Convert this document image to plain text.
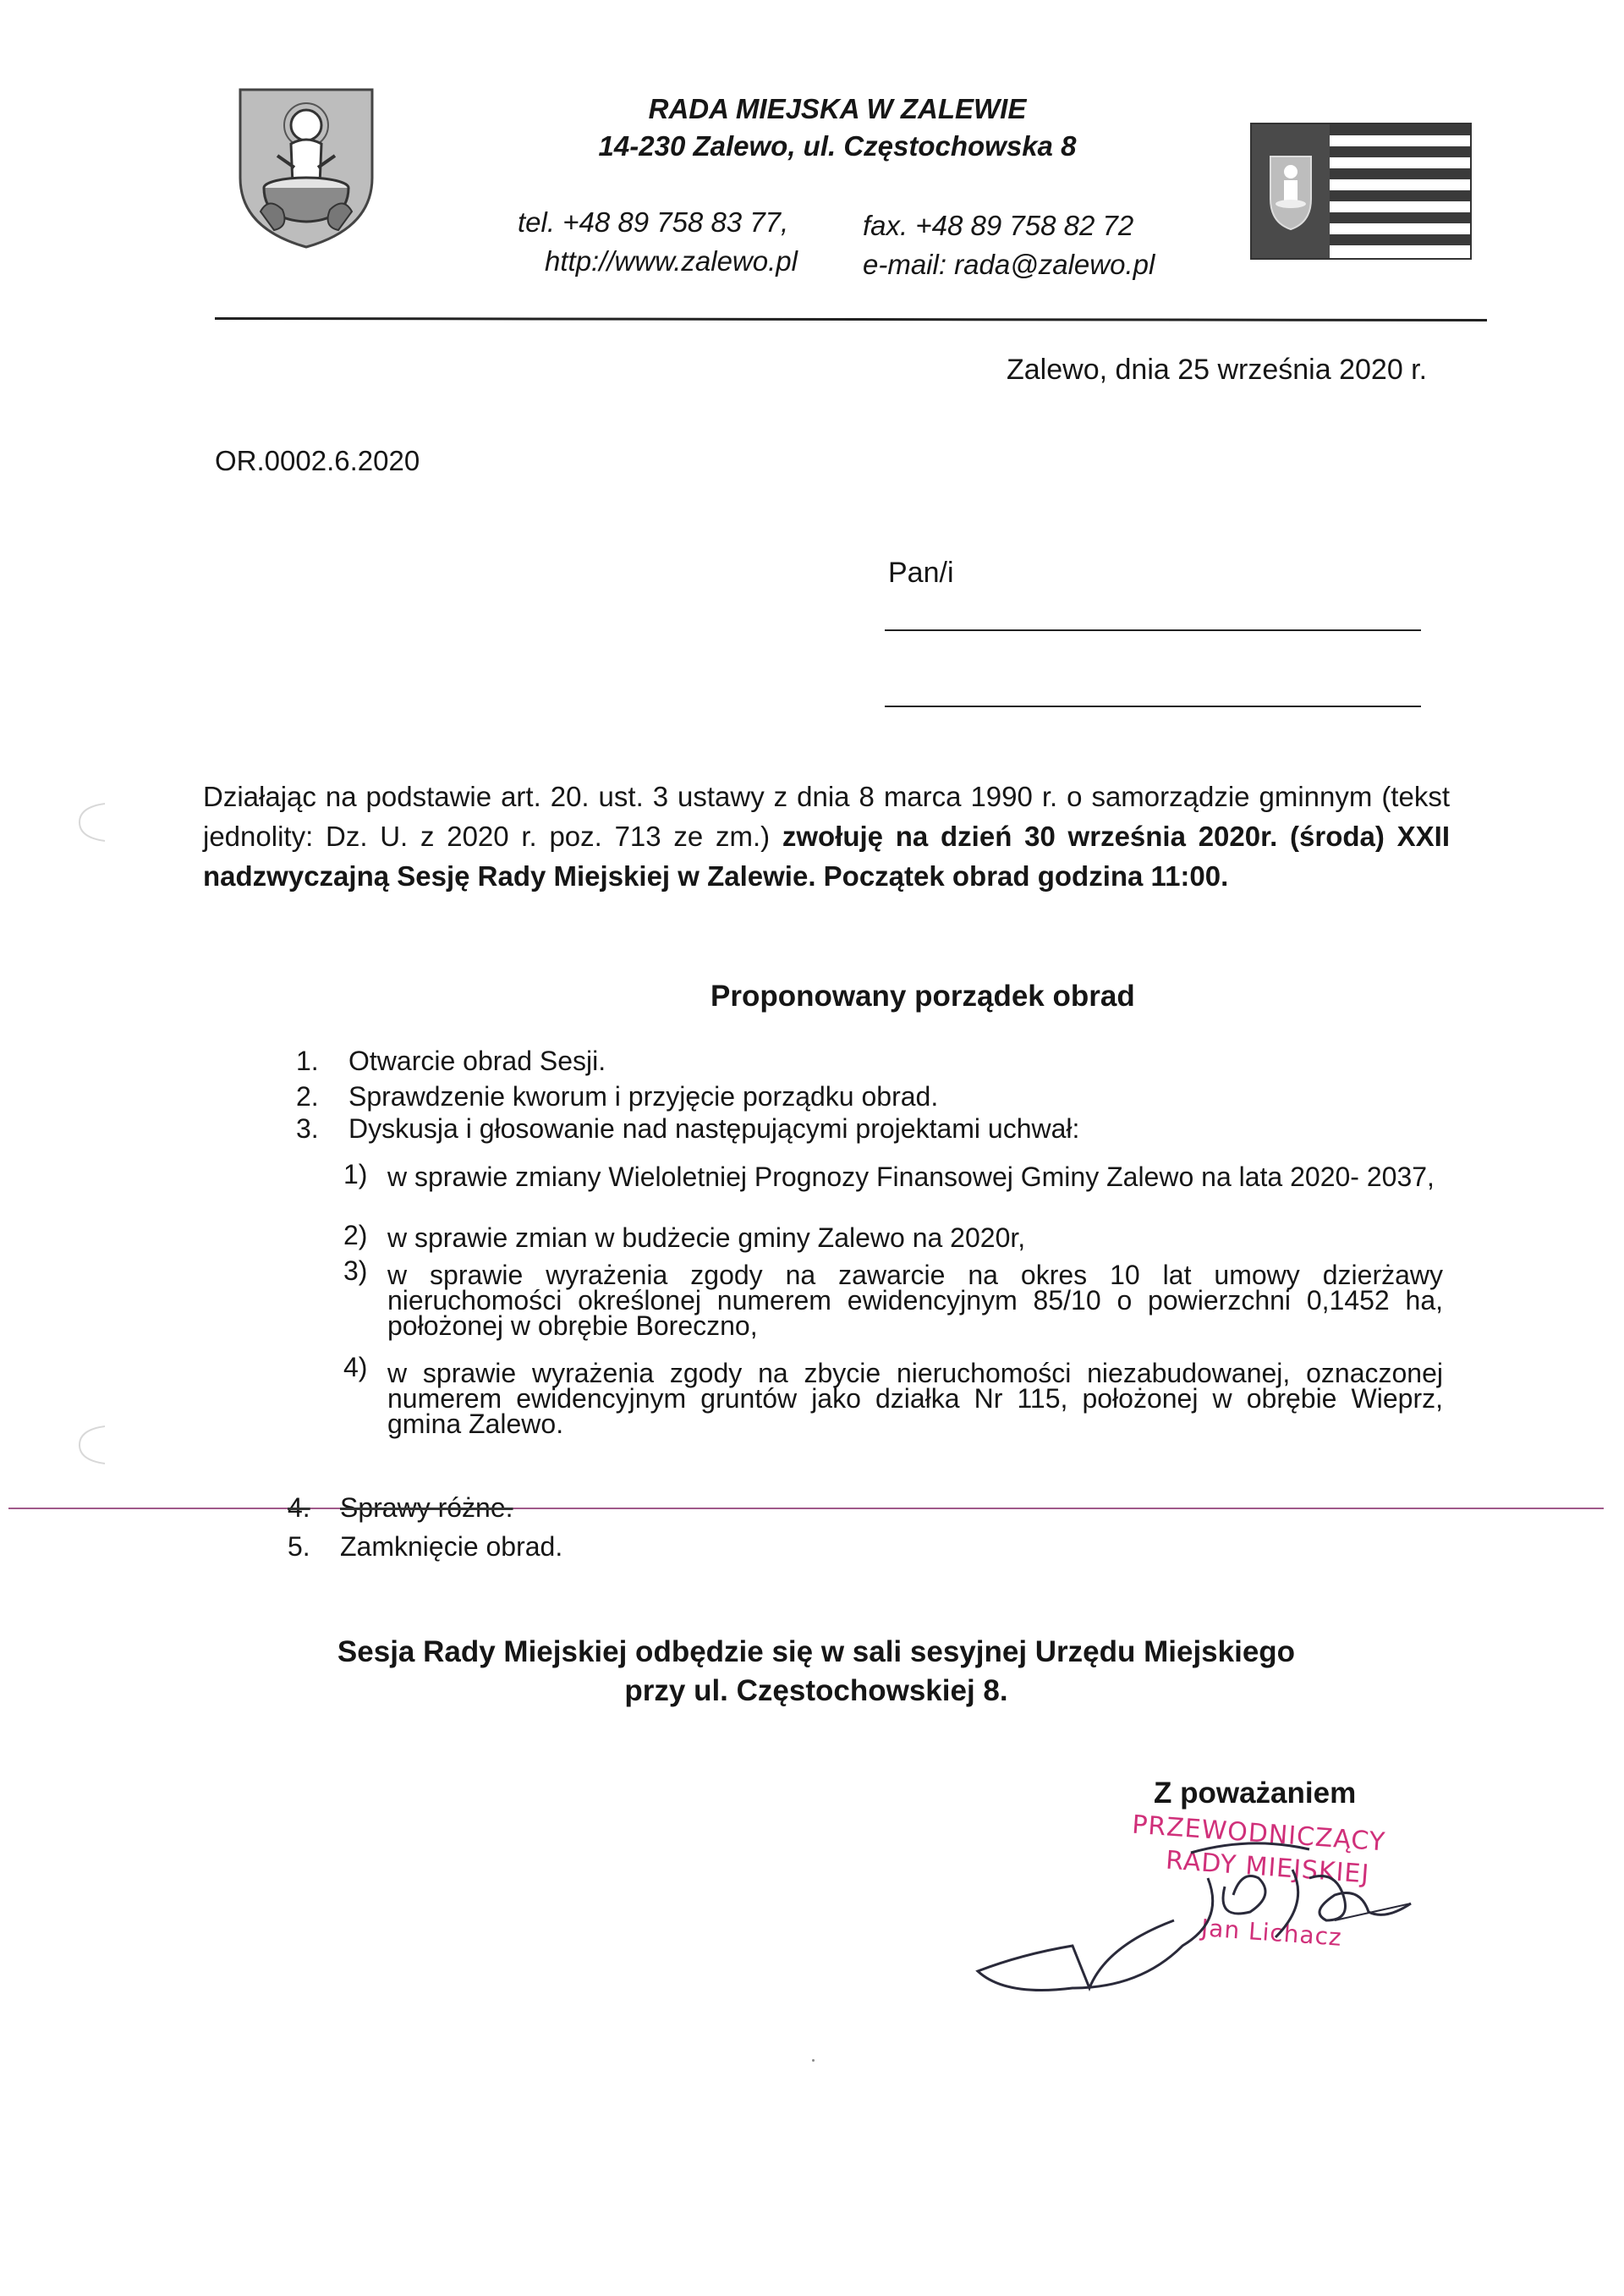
RADA MIEJSKA W ZALEWIE
14-230 Zalewo, ul. Częstochowska 8
tel. +48 89 758 83 77,	fax. +48 89 758 82 72
http://www.zalewo.pl e-mail: rada@zalewo.pl
Zalewo, dnia 25 września 2020 r.
OR.0002.6.2020
Pan/i
Działając na podstawie art. 20. ust. 3 ustawy z dnia 8 marca 1990 r. o samorządzie gminnym (tekst jednolity: Dz. U. z 2020 r. poz. 713 ze zm.) zwołuję na dzień 30 września 2020r. (środa) XXII nadzwyczajną Sesję Rady Miejskiej w Zalewie. Początek obrad godzina 11:00.
Proponowany porządek obrad
1. Otwarcie obrad Sesji.
2. Sprawdzenie kworum i przyjęcie porządku obrad.
3. Dyskusja i głosowanie nad następującymi projektami uchwał:
1) w sprawie zmiany Wieloletniej Prognozy Finansowej Gminy Zalewo na lata 2020- 2037,
2) w sprawie zmian w budżecie gminy Zalewo na 2020r,
3) w sprawie wyrażenia zgody na zawarcie na okres 10 lat umowy dzierżawy nieruchomości określonej numerem ewidencyjnym 85/10 o powierzchni 0,1452 ha, położonej w obrębie Boreczno,
4) w sprawie wyrażenia zgody na zbycie nieruchomości niezabudowanej, oznaczonej numerem ewidencyjnym gruntów jako działka Nr 115, położonej w obrębie Wieprz, gmina Zalewo.
4. Sprawy różne.
5. Zamknięcie obrad.
Sesja Rady Miejskiej odbędzie się w sali sesyjnej Urzędu Miejskiego
przy ul. Częstochowskiej 8.
Z poważaniem
PRZEWODNICZĄCY
RADY MIEJSKIEJ
Jan Lichacz
